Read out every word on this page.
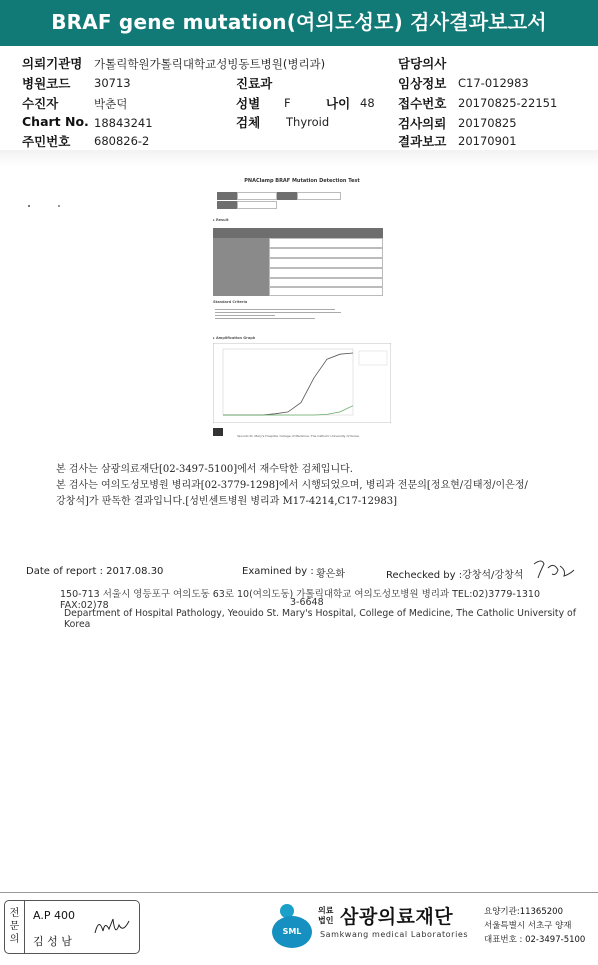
BRAF gene mutation(여의도성모) 검사결과보고서
의뢰기관명 가톨릭학원가톨릭대학교성빙동트병원(병리과)	담당의사
병원코드 30713	진료과	임상정보 C17-012983
수진자	박춘덕	성별 F	나이 48 접수번호 20170825-22151
Chart No. 18843241	검체 Thyroid	검사의뢰 20170825
주민번호 680826-2	결과보고 20170901
PNAClamp BRAF Mutation Detection Test
▸ Result
Standard Criteria
▸ Amplification Graph
Yeouido St. Mary's Hospital, College of Medicine, The Catholic University of Korea
본 검사는 삼광의료재단[02-3497-5100]에서 재수탁한 검체입니다.
본 검사는 여의도성모병원 병리과[02-3779-1298]에서 시행되었으며, 병리과 전문의[정요현/김태정/이은정/
강창석]가 판독한 결과입니다.[성빈센트병원 병리과 M17-4214,C17-12983]
Date of report : 2017.08.30	Examined by : 황은화	Rechecked by :강창석/강창석
150-713 서울시 영등포구 여의도동 63로 10(여의도동) 가톨릭대학교 여의도성모병원 병리과 TEL:02)3779-1310 FAX:02)78	3-6648
Department of Hospital Pathology, Yeouido St. Mary's Hospital, College of Medicine, The Catholic University of Korea
전문의
A.P 400
김 성 남
SML
의료법인 삼광의료재단
Samkwang medical Laboratories
요양기관:11365200
서울특별시 서초구 양재
대표번호 : 02-3497-5100
